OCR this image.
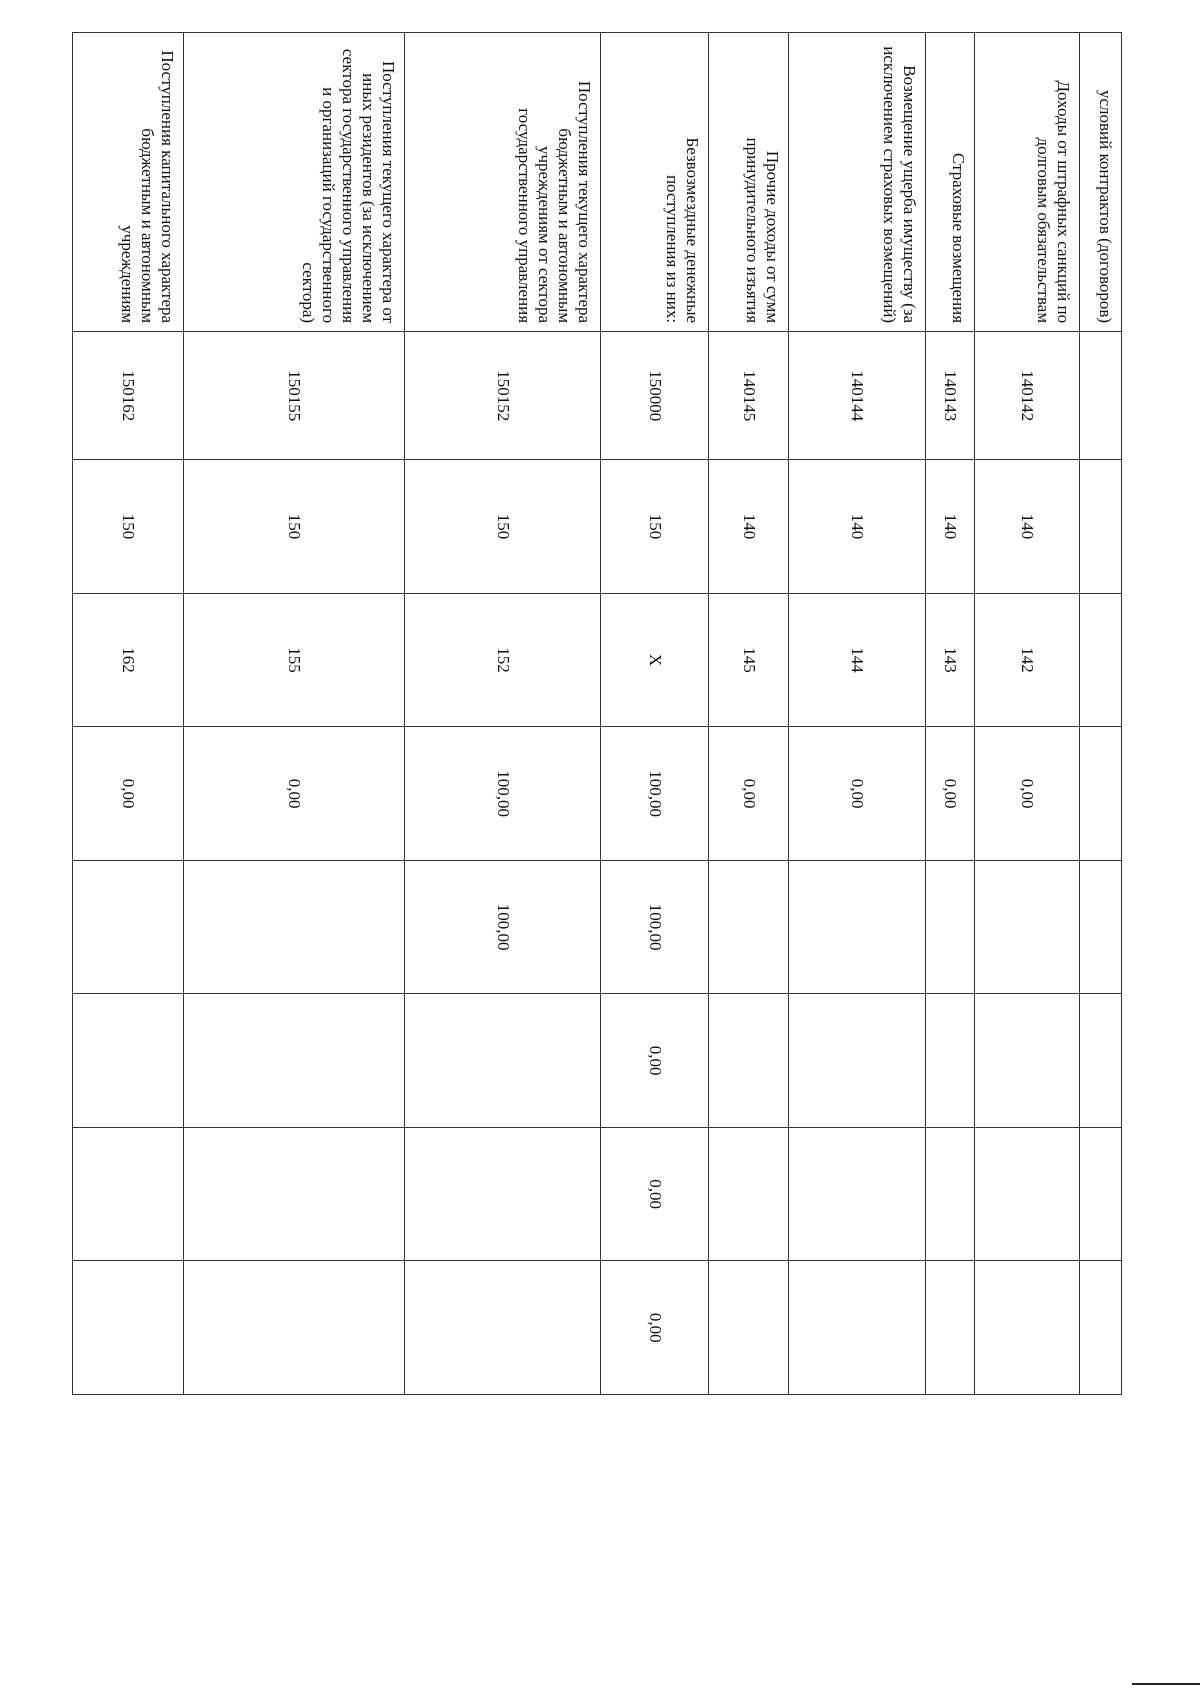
условий контрактов (договоров)								
Доходы от штрафных санкций по долговым обязательствам	140142	140	142	0,00				
Страховые возмещения	140143	140	143	0,00				
Возмещение ущерба имуществу (за исключением страховых возмещений)	140144	140	144	0,00				
Прочие доходы от сумм принудительного изъятия	140145	140	145	0,00				
Безвозмездные денежные поступления из них:	150000	150	X	100,00	100,00	0,00	0,00	0,00
Поступления текущего характера бюджетным и автономным учреждениям от сектора государственного управления	150152	150	152	100,00	100,00			
Поступления текущего характера от иных резидентов (за исключением сектора государственного управления и организаций государственного сектора)	150155	150	155	0,00				
Поступления капитального характера бюджетным и автономным учреждениям	150162	150	162	0,00				
